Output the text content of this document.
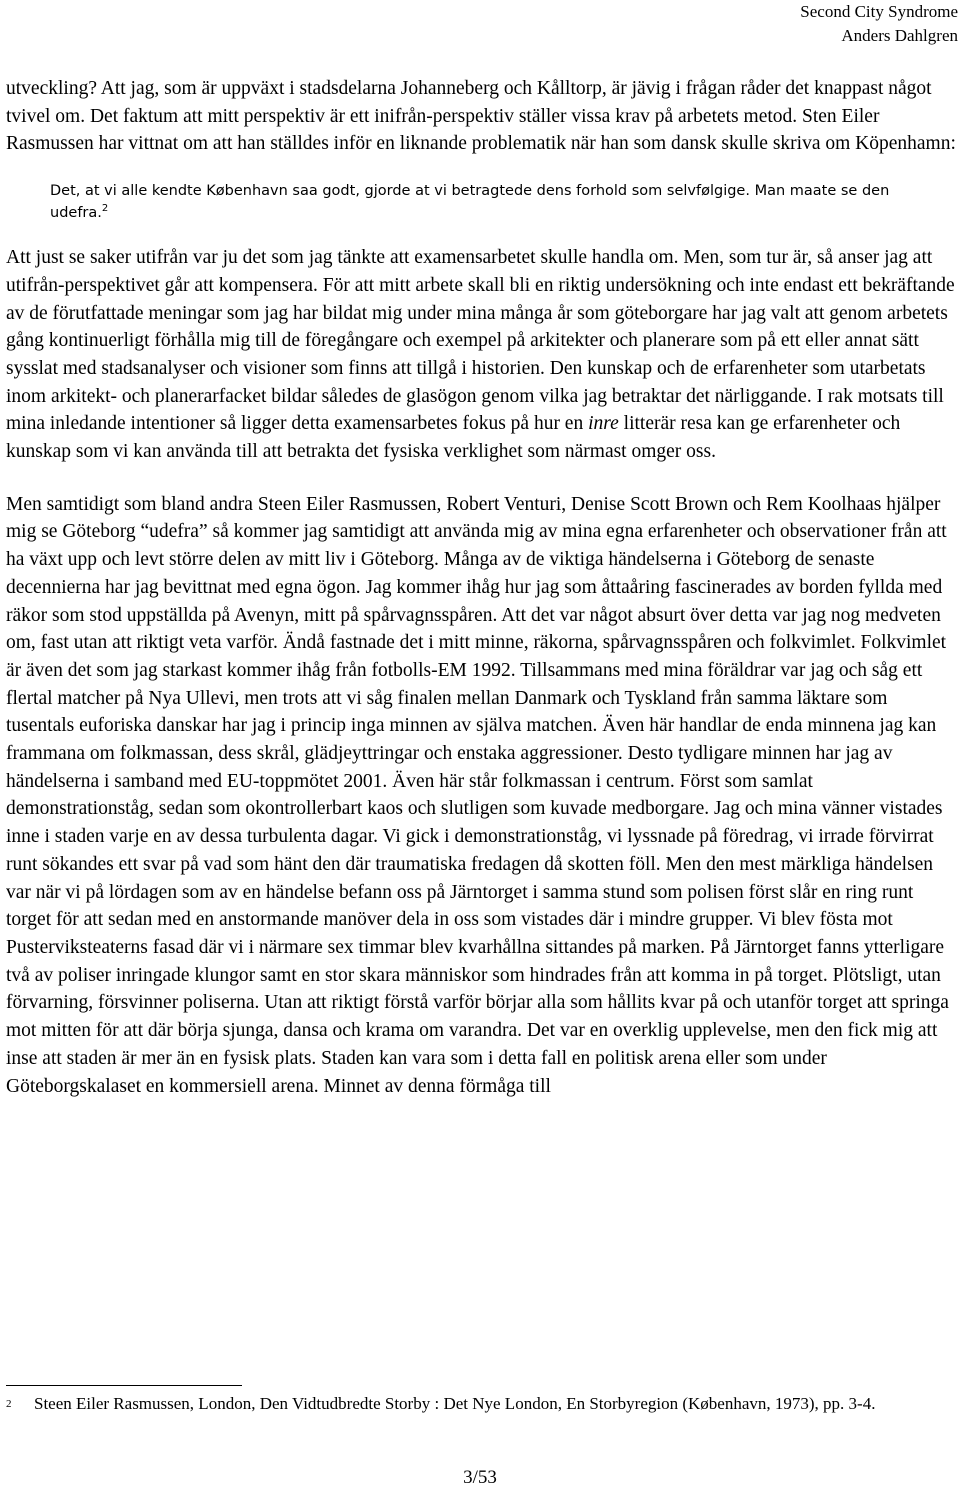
Second City Syndrome
Anders Dahlgren

utveckling? Att jag, som är uppväxt i stadsdelarna Johanneberg och Kålltorp, är jävig i frågan råder det knappast något tvivel om. Det faktum att mitt perspektiv är ett inifrån-perspektiv ställer vissa krav på arbetets metod. Sten Eiler Rasmussen har vittnat om att han ställdes inför en liknande problematik när han som dansk skulle skriva om Köpenhamn:

Det, at vi alle kendte København saa godt, gjorde at vi betragtede dens forhold som selvfølgige. Man maate se den udefra.$^2$

Att just se saker utifrån var ju det som jag tänkte att examensarbetet skulle handla om. Men, som tur är, så anser jag att utifrån-perspektivet går att kompensera. För att mitt arbete skall bli en riktig undersökning och inte endast ett bekräftande av de förutfattade meningar som jag har bildat mig under mina många år som göteborgare har jag valt att genom arbetets gång kontinuerligt förhålla mig till de föregångare och exempel på arkitekter och planerare som på ett eller annat sätt sysslat med stadsanalyser och visioner som finns att tillgå i historien. Den kunskap och de erfarenheter som utarbetats inom arkitekt- och planerarfacket bildar således de glasögon genom vilka jag betraktar det närliggande. I rak motsats till mina inledande intentioner så ligger detta examensarbetes fokus på hur en inre litterär resa kan ge erfarenheter och kunskap som vi kan använda till att betrakta det fysiska verklighet som närmast omger oss.

Men samtidigt som bland andra Steen Eiler Rasmussen, Robert Venturi, Denise Scott Brown och Rem Koolhaas hjälper mig se Göteborg “udefra” så kommer jag samtidigt att använda mig av mina egna erfarenheter och observationer från att ha växt upp och levt större delen av mitt liv i Göteborg. Många av de viktiga händelserna i Göteborg de senaste decennierna har jag bevittnat med egna ögon. Jag kommer ihåg hur jag som åttaåring fascinerades av borden fyllda med räkor som stod uppställda på Avenyn, mitt på spårvagnsspåren. Att det var något absurt över detta var jag nog medveten om, fast utan att riktigt veta varför. Ändå fastnade det i mitt minne, räkorna, spårvagnsspåren och folkvimlet. Folkvimlet är även det som jag starkast kommer ihåg från fotbolls-EM 1992. Tillsammans med mina föräldrar var jag och såg ett flertal matcher på Nya Ullevi, men trots att vi såg finalen mellan Danmark och Tyskland från samma läktare som tusentals euforiska danskar har jag i princip inga minnen av själva matchen. Även här handlar de enda minnena jag kan frammana om folkmassan, dess skrål, glädjeyttringar och enstaka aggressioner. Desto tydligare minnen har jag av händelserna i samband med EU-toppmötet 2001. Även här står folkmassan i centrum. Först som samlat demonstrationståg, sedan som okontrollerbart kaos och slutligen som kuvade medborgare. Jag och mina vänner vistades inne i staden varje en av dessa turbulenta dagar. Vi gick i demonstrationståg, vi lyssnade på föredrag, vi irrade förvirrat runt sökandes ett svar på vad som hänt den där traumatiska fredagen då skotten föll. Men den mest märkliga händelsen var när vi på lördagen som av en händelse befann oss på Järntorget i samma stund som polisen först slår en ring runt torget för att sedan med en anstormande manöver dela in oss som vistades där i mindre grupper. Vi blev fösta mot Pusterviksteaterns fasad där vi i närmare sex timmar blev kvarhållna sittandes på marken. På Järntorget fanns ytterligare två av poliser inringade klungor samt en stor skara människor som hindrades från att komma in på torget. Plötsligt, utan förvarning, försvinner poliserna. Utan att riktigt förstå varför börjar alla som hållits kvar på och utanför torget att springa mot mitten för att där börja sjunga, dansa och krama om varandra. Det var en overklig upplevelse, men den fick mig att inse att staden är mer än en fysisk plats. Staden kan vara som i detta fall en politisk arena eller som under Göteborgskalaset en kommersiell arena. Minnet av denna förmåga till

2 Steen Eiler Rasmussen, London, Den Vidtudbredte Storby : Det Nye London, En Storbyregion (København, 1973), pp. 3-4.
3/53
